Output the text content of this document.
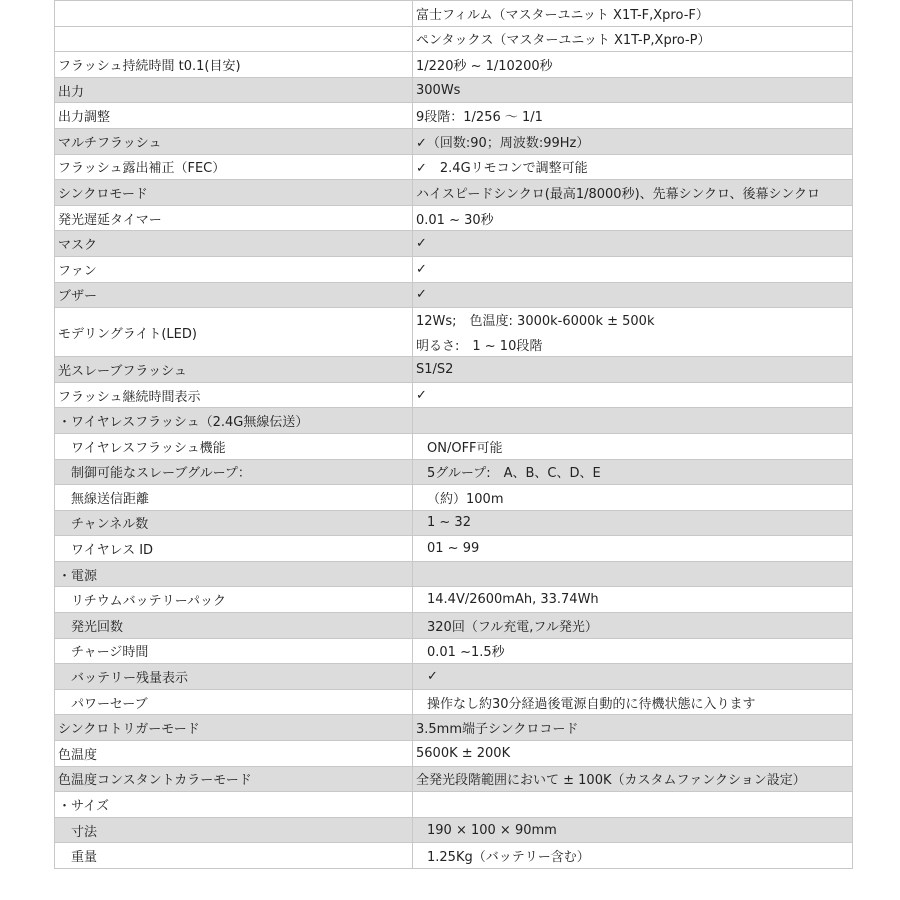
	富士フィルム（マスターユニット X1T-F,Xpro-F）
	ペンタックス（マスターユニット X1T-P,Xpro-P）
フラッシュ持続時間 t0.1(目安)	1/220秒 ~ 1/10200秒
出力	300Ws
出力調整	9段階：1/256 〜 1/1
マルチフラッシュ	✓（回数:90；周波数:99Hz）
フラッシュ露出補正（FEC）	✓　2.4Gリモコンで調整可能
シンクロモード	ハイスピードシンクロ(最高1/8000秒)、先幕シンクロ、後幕シンクロ
発光遅延タイマー	0.01 ~ 30秒
マスク	✓
ファン	✓
ブザー	✓
モデリングライト(LED)	12Ws;　色温度: 3000k-6000k ± 500k
明るさ:　1 ~ 10段階

光スレーブフラッシュ	S1/S2
フラッシュ継続時間表示	✓
・ワイヤレスフラッシュ（2.4G無線伝送）	
ワイヤレスフラッシュ機能	ON/OFF可能
制御可能なスレーブグループ：	5グループ:　A、B、C、D、E
無線送信距離	（約）100m
チャンネル数	1 ~ 32
ワイヤレス ID	01 ~ 99
・電源	
リチウムバッテリーパック	14.4V/2600mAh, 33.74Wh
発光回数	320回（フル充電,フル発光）
チャージ時間	0.01 ~1.5秒
バッテリー残量表示	✓
パワーセーブ	操作なし約30分経過後電源自動的に待機状態に入ります
シンクロトリガーモード	3.5mm端子シンクロコード
色温度	5600K ± 200K
色温度コンスタントカラーモード	全発光段階範囲において ± 100K（カスタムファンクション設定）
・サイズ	
寸法	190 × 100 × 90mm
重量	1.25Kg（バッテリー含む）
